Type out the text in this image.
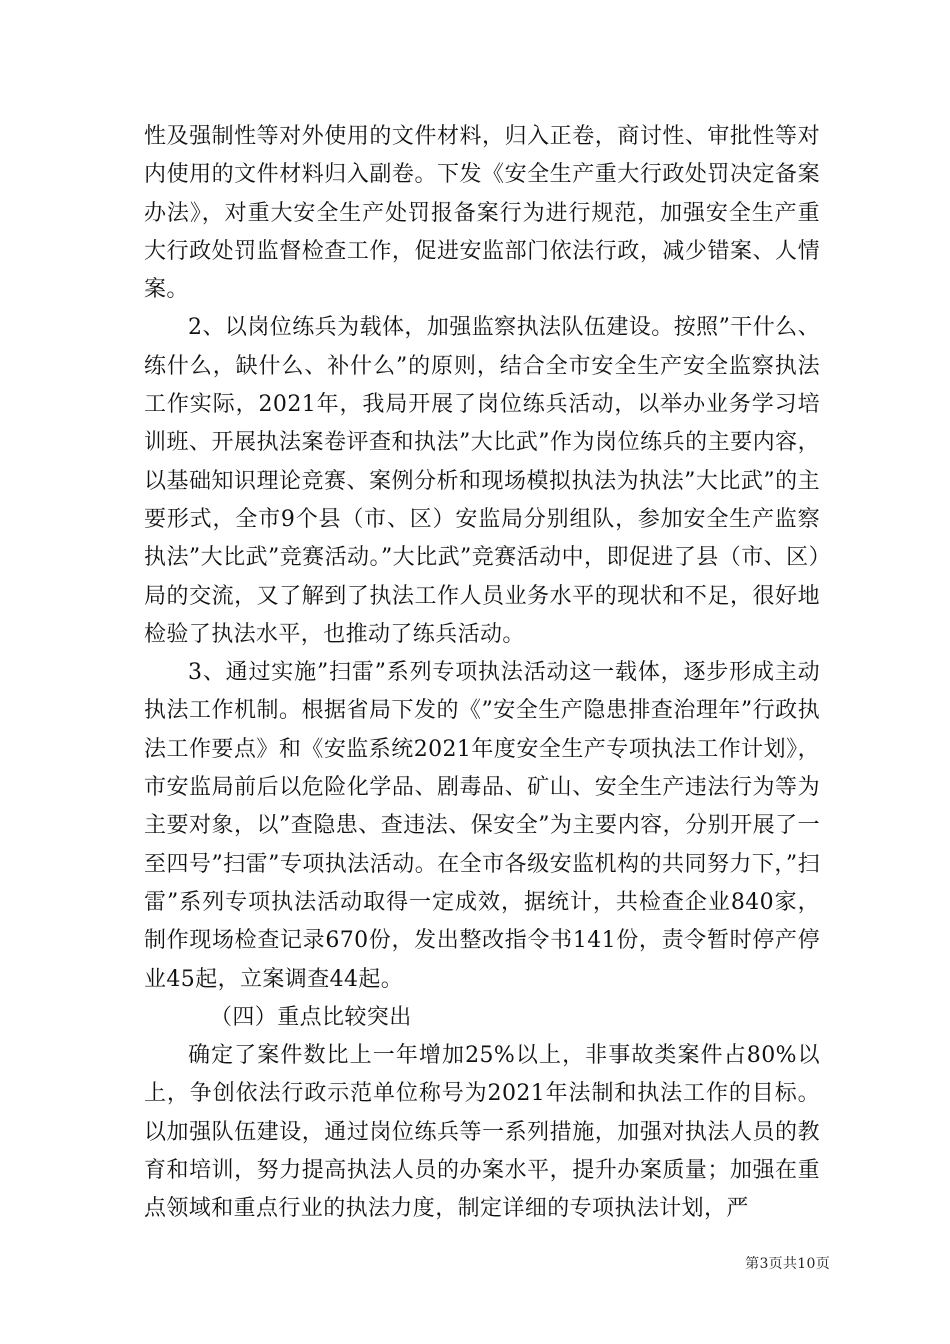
性及强制性等对外使用的文件材料，归入正卷，商讨性、审批性等对内使用的文件材料归入副卷。下发《安全生产重大行政处罚决定备案办法》，对重大安全生产处罚报备案行为进行规范，加强安全生产重大行政处罚监督检查工作，促进安监部门依法行政，减少错案、人情案。

2、以岗位练兵为载体，加强监察执法队伍建设。按照”干什么、练什么，缺什么、补什么”的原则，结合全市安全生产安全监察执法工作实际，2021年，我局开展了岗位练兵活动，以举办业务学习培训班、开展执法案卷评查和执法”大比武”作为岗位练兵的主要内容，以基础知识理论竞赛、案例分析和现场模拟执法为执法”大比武”的主要形式，全市9个县（市、区）安监局分别组队，参加安全生产监察执法”大比武”竞赛活动。”大比武”竞赛活动中，即促进了县（市、区）局的交流，又了解到了执法工作人员业务水平的现状和不足，很好地检验了执法水平，也推动了练兵活动。

3、通过实施”扫雷”系列专项执法活动这一载体，逐步形成主动执法工作机制。根据省局下发的《”安全生产隐患排查治理年”行政执法工作要点》和《安监系统2021年度安全生产专项执法工作计划》，市安监局前后以危险化学品、剧毒品、矿山、安全生产违法行为等为主要对象，以”查隐患、查违法、保安全”为主要内容，分别开展了一至四号”扫雷”专项执法活动。在全市各级安监机构的共同努力下，”扫雷”系列专项执法活动取得一定成效，据统计，共检查企业840家，制作现场检查记录670份，发出整改指令书141份，责令暂时停产停业45起，立案调查44起。

（四）重点比较突出

确定了案件数比上一年增加25%以上，非事故类案件占80%以上，争创依法行政示范单位称号为2021年法制和执法工作的目标。以加强队伍建设，通过岗位练兵等一系列措施，加强对执法人员的教育和培训，努力提高执法人员的办案水平，提升办案质量；加强在重点领域和重点行业的执法力度，制定详细的专项执法计划，严

第3页共10页
